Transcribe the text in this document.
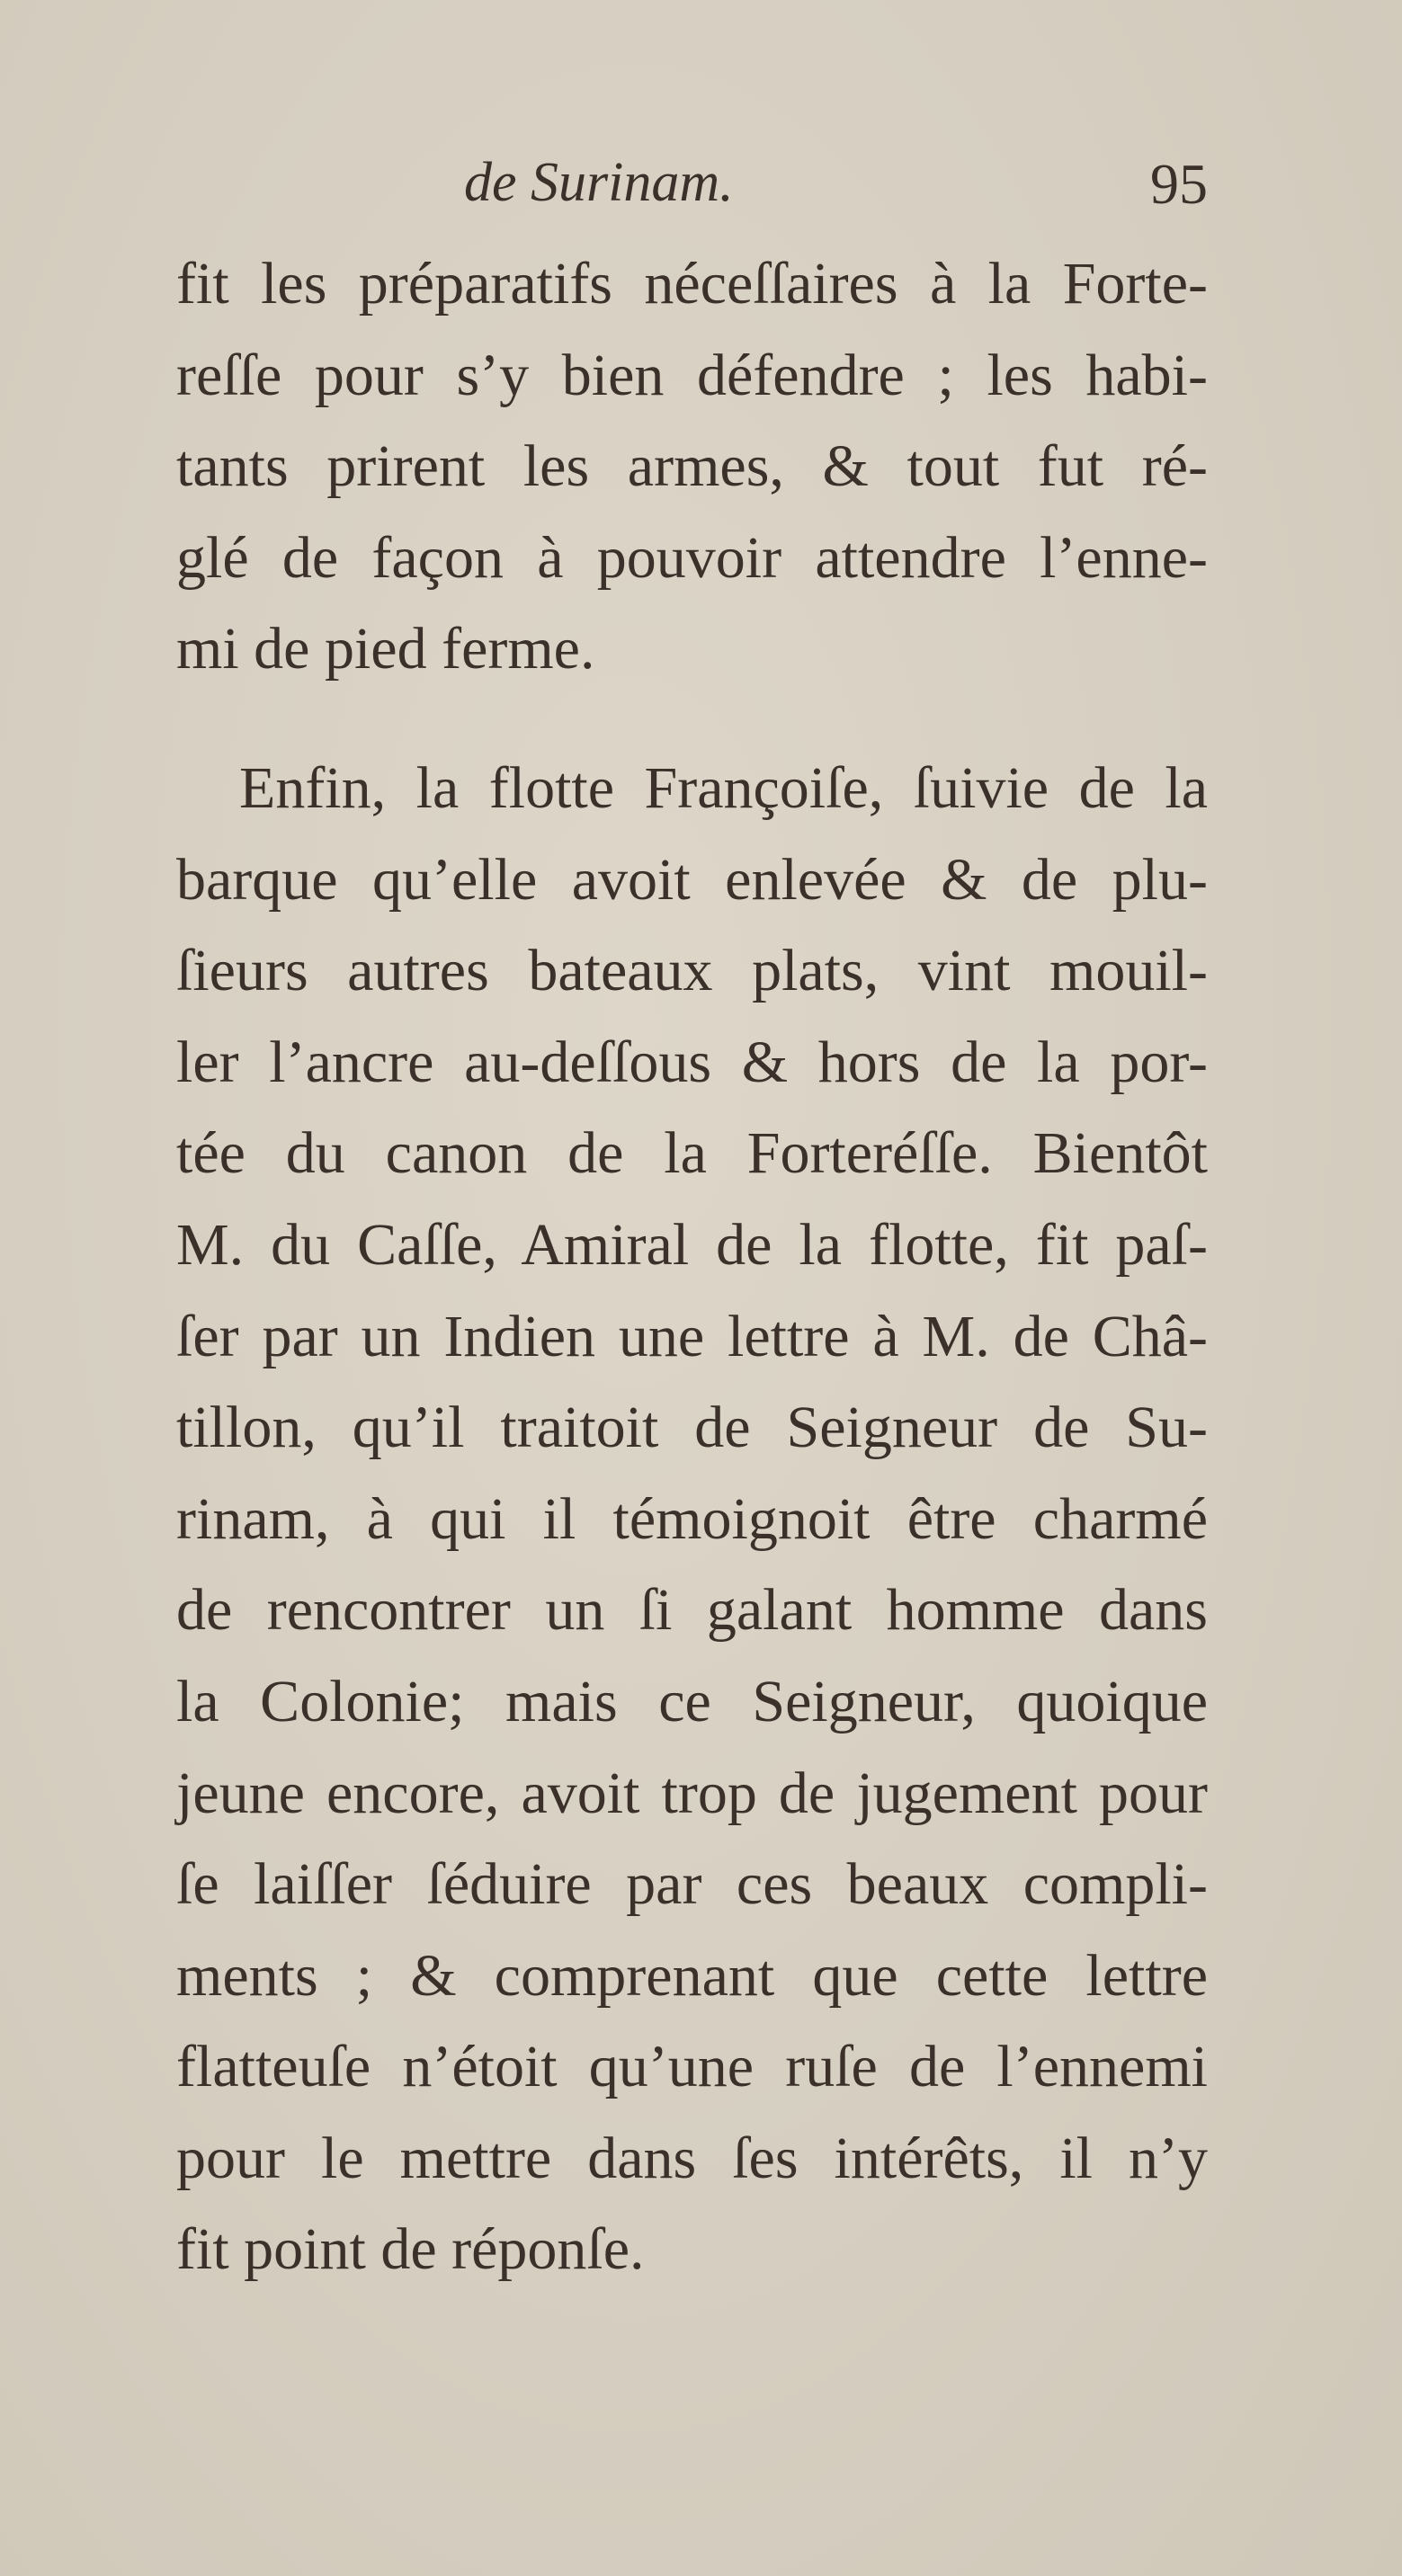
de Surinam.	95
fit les préparatifs néceſſaires à la Forte-
reſſe pour s’y bien défendre ; les habi-
tants prirent les armes, & tout fut ré-
glé de façon à pouvoir attendre l’enne-
mi de pied ferme.
Enfin, la flotte Françoiſe, ſuivie de la
barque qu’elle avoit enlevée & de plu-
ſieurs autres bateaux plats, vint mouil-
ler l’ancre au-deſſous & hors de la por-
tée du canon de la Forteréſſe. Bientôt
M. du Caſſe, Amiral de la flotte, fit paſ-
ſer par un Indien une lettre à M. de Châ-
tillon, qu’il traitoit de Seigneur de Su-
rinam, à qui il témoignoit être charmé
de rencontrer un ſi galant homme dans
la Colonie; mais ce Seigneur, quoique
jeune encore, avoit trop de jugement pour
ſe laiſſer ſéduire par ces beaux compli-
ments ; & comprenant que cette lettre
flatteuſe n’étoit qu’une ruſe de l’ennemi
pour le mettre dans ſes intérêts, il n’y
fit point de réponſe.
